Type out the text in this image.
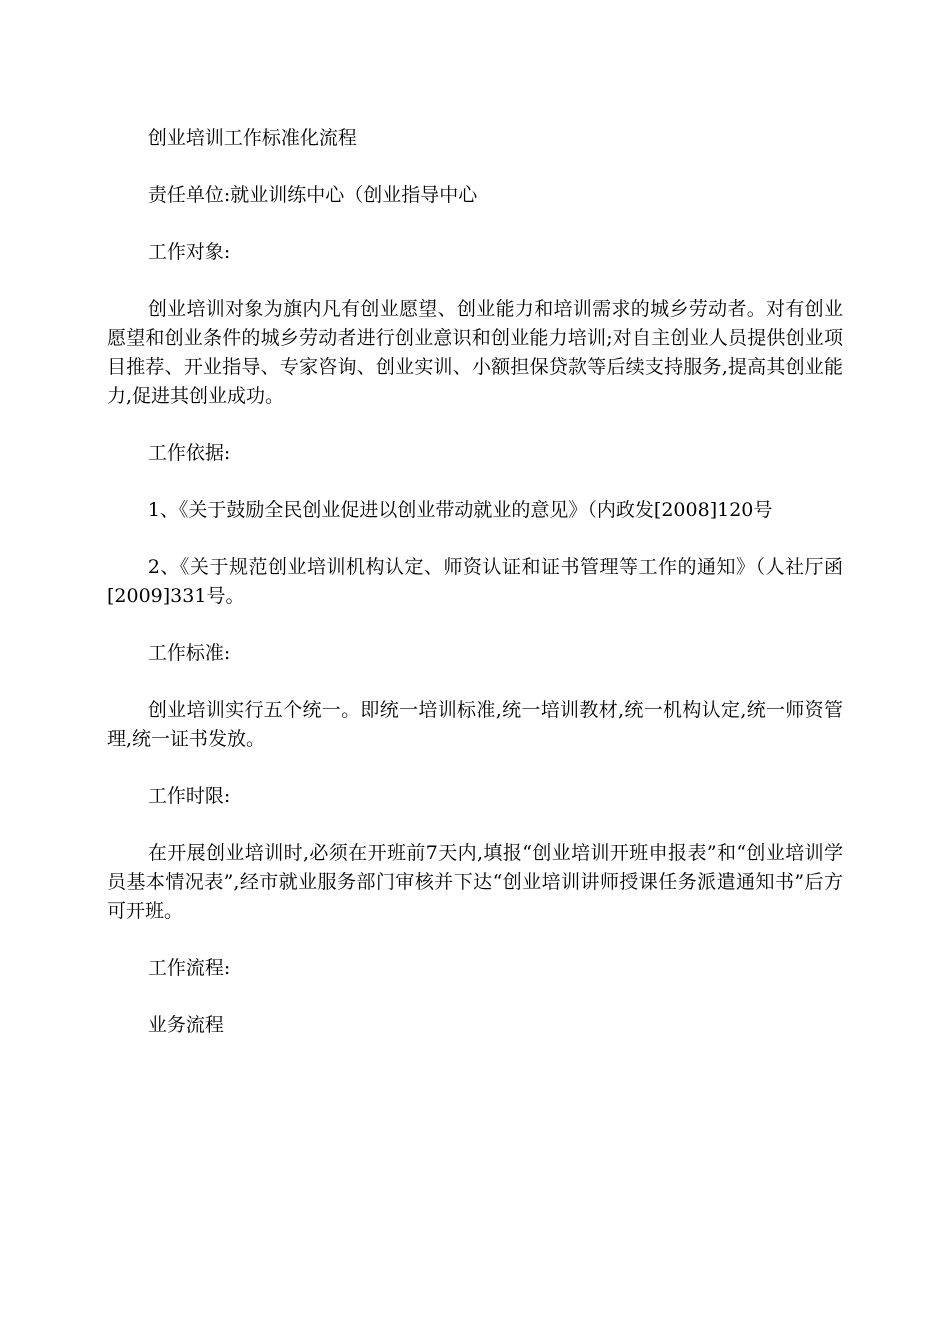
创业培训工作标准化流程

责任单位:就业训练中心（创业指导中心

工作对象:

创业培训对象为旗内凡有创业愿望、创业能力和培训需求的城乡劳动者。对有创业愿望和创业条件的城乡劳动者进行创业意识和创业能力培训;对自主创业人员提供创业项目推荐、开业指导、专家咨询、创业实训、小额担保贷款等后续支持服务,提高其创业能力,促进其创业成功。

工作依据:

1、《关于鼓励全民创业促进以创业带动就业的意见》（内政发[2008]120号

2、《关于规范创业培训机构认定、师资认证和证书管理等工作的通知》（人社厅函[2009]331号。

工作标准:

创业培训实行五个统一。即统一培训标准,统一培训教材,统一机构认定,统一师资管理,统一证书发放。

工作时限:

在开展创业培训时,必须在开班前7天内,填报“创业培训开班申报表”和“创业培训学员基本情况表”,经市就业服务部门审核并下达“创业培训讲师授课任务派遣通知书”后方可开班。

工作流程:

业务流程
